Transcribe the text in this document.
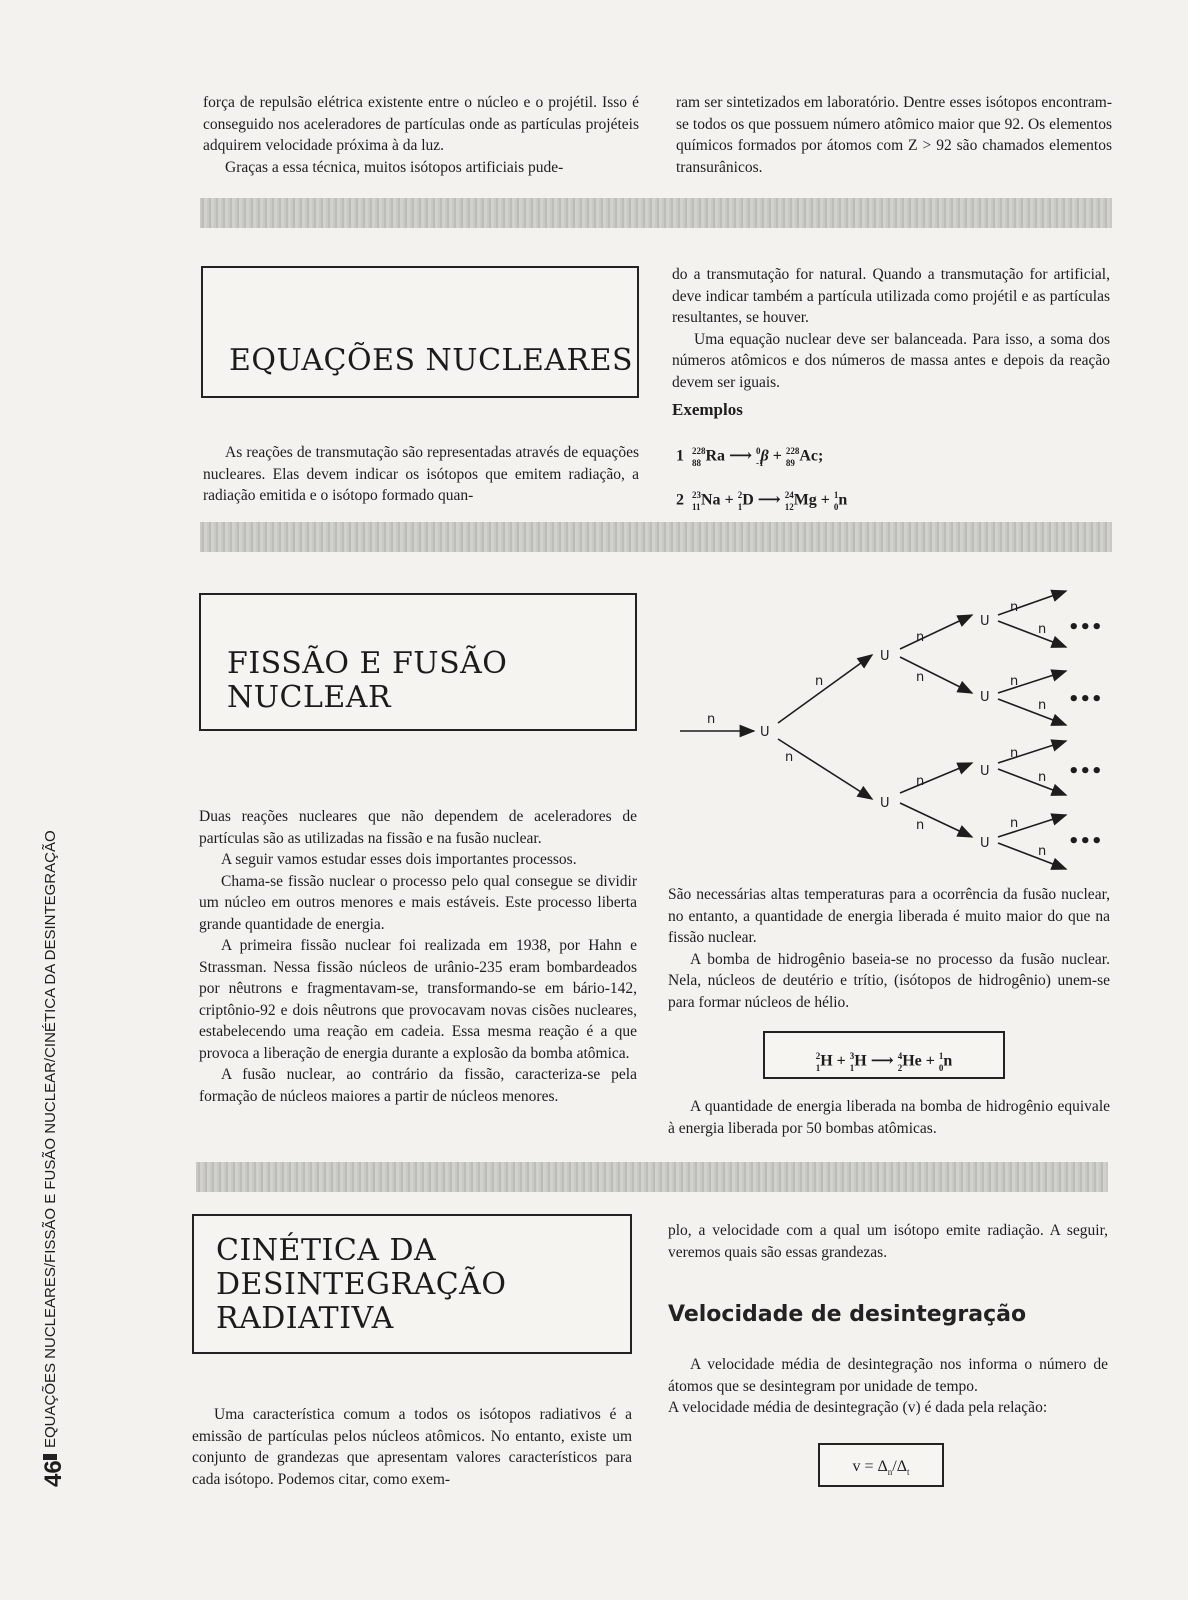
EQUAÇÕES NUCLEARES/FISSÃO E FUSÃO NUCLEAR/CINÉTICA DA DESINTEGRAÇÃO
46

força de repulsão elétrica existente entre o núcleo e o projétil. Isso é conseguido nos aceleradores de partículas onde as partículas projéteis adquirem velocidade próxima à da luz.

Graças a essa técnica, muitos isótopos artificiais pude-

ram ser sintetizados em laboratório. Dentre esses isótopos encontram-se todos os que possuem número atômico maior que 92. Os elementos químicos formados por átomos com Z > 92 são chamados elementos transurânicos.

EQUAÇÕES NUCLEARES

As reações de transmutação são representadas através de equações nucleares. Elas devem indicar os isótopos que emitem radiação, a radiação emitida e o isótopo formado quan-

do a transmutação for natural. Quando a transmutação for artificial, deve indicar também a partícula utilizada como projétil e as partículas resultantes, se houver.

Uma equação nuclear deve ser balanceada. Para isso, a soma dos números atômicos e dos números de massa antes e depois da reação devem ser iguais.

Exemplos

1 $^{228}$
88 Ra ⟶ $^0$
-1
β + $^{228}$
89 Ac;
2 $^{23}$
11 Na + $^2$
1 D ⟶ $^{24}$
12 Mg + $^1$
0 n
FISSÃO E FUSÃO
NUCLEAR

Duas reações nucleares que não dependem de aceleradores de partículas são as utilizadas na fissão e na fusão nuclear.

A seguir vamos estudar esses dois importantes processos.

Chama-se fissão nuclear o processo pelo qual consegue se dividir um núcleo em outros menores e mais estáveis. Este processo liberta grande quantidade de energia.

A primeira fissão nuclear foi realizada em 1938, por Hahn e Strassman. Nessa fissão núcleos de urânio-235 eram bombardeados por nêutrons e fragmentavam-se, transformando-se em bário-142, criptônio-92 e dois nêutrons que provocavam novas cisões nucleares, estabelecendo uma reação em cadeia. Essa mesma reação é a que provoca a liberação de energia durante a explosão da bomba atômica.

A fusão nuclear, ao contrário da fissão, caracteriza-se pela formação de núcleos maiores a partir de núcleos menores.

n
U
n
n
U
U
n
n
n
n
U
U
U
U
n
n
n
n
n
n
n
n
•••
•••
•••
•••

São necessárias altas temperaturas para a ocorrência da fusão nuclear, no entanto, a quantidade de energia liberada é muito maior do que na fissão nuclear.

A bomba de hidrogênio baseia-se no processo da fusão nuclear. Nela, núcleos de deutério e trítio, (isótopos de hidrogênio) unem-se para formar núcleos de hélio.

$^2$
1 H + $^3$
1 H ⟶ $^4$
2 He + $^1$
0 n

A quantidade de energia liberada na bomba de hidrogênio equivale à energia liberada por 50 bombas atômicas.

CINÉTICA DA
DESINTEGRAÇÃO
RADIATIVA

Uma característica comum a todos os isótopos radiativos é a emissão de partículas pelos núcleos atômicos. No entanto, existe um conjunto de grandezas que apresentam valores característicos para cada isótopo. Podemos citar, como exem-

plo, a velocidade com a qual um isótopo emite radiação. A seguir, veremos quais são essas grandezas.

Velocidade de desintegração

A velocidade média de desintegração nos informa o número de átomos que se desintegram por unidade de tempo.

A velocidade média de desintegração (v) é dada pela relação:

$v = \Delta_n/\Delta_t$
